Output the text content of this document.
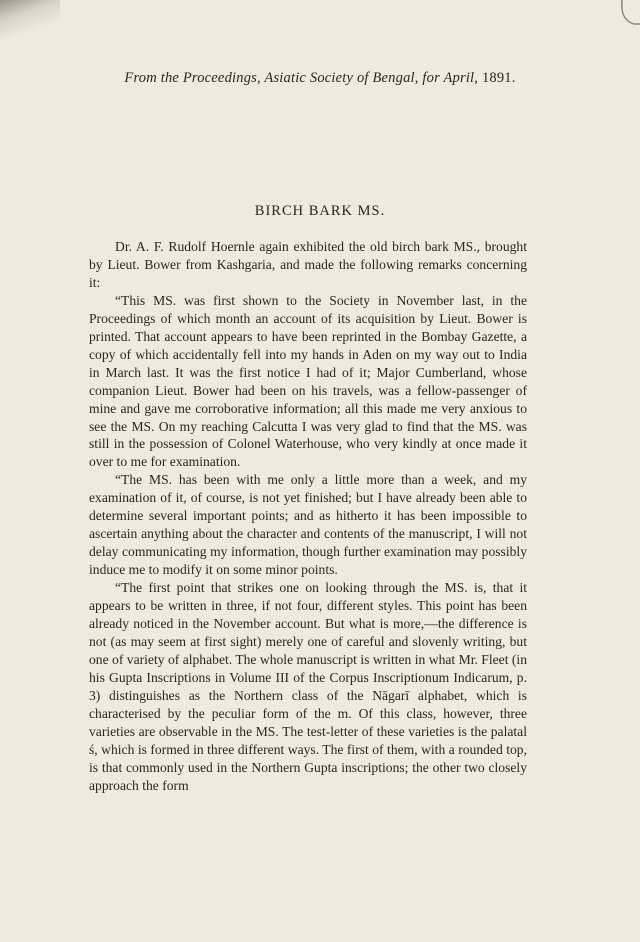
From the Proceedings, Asiatic Society of Bengal, for April, 1891.
BIRCH BARK MS.

Dr. A. F. Rudolf Hoernle again exhibited the old birch bark MS., brought by Lieut. Bower from Kashgaria, and made the following remarks concerning it:

“This MS. was first shown to the Society in November last, in the Proceedings of which month an account of its acquisition by Lieut. Bower is printed. That account appears to have been reprinted in the Bombay Gazette, a copy of which accidentally fell into my hands in Aden on my way out to India in March last. It was the first notice I had of it; Major Cumberland, whose companion Lieut. Bower had been on his travels, was a fellow-passenger of mine and gave me corroborative information; all this made me very anxious to see the MS. On my reaching Calcutta I was very glad to find that the MS. was still in the possession of Colonel Waterhouse, who very kindly at once made it over to me for examination.

“The MS. has been with me only a little more than a week, and my examination of it, of course, is not yet finished; but I have already been able to determine several important points; and as hitherto it has been impossible to ascertain anything about the character and contents of the manuscript, I will not delay communicating my information, though further examination may possibly induce me to modify it on some minor points.

“The first point that strikes one on looking through the MS. is, that it appears to be written in three, if not four, different styles. This point has been already noticed in the November account. But what is more,—the difference is not (as may seem at first sight) merely one of careful and slovenly writing, but one of variety of alphabet. The whole manuscript is written in what Mr. Fleet (in his Gupta Inscriptions in Volume III of the Corpus Inscriptionum Indicarum, p. 3) distinguishes as the Northern class of the Nāgarī alphabet, which is characterised by the peculiar form of the m. Of this class, however, three varieties are observable in the MS. The test-letter of these varieties is the palatal ś, which is formed in three different ways. The first of them, with a rounded top, is that commonly used in the Northern Gupta inscriptions; the other two closely approach the form
